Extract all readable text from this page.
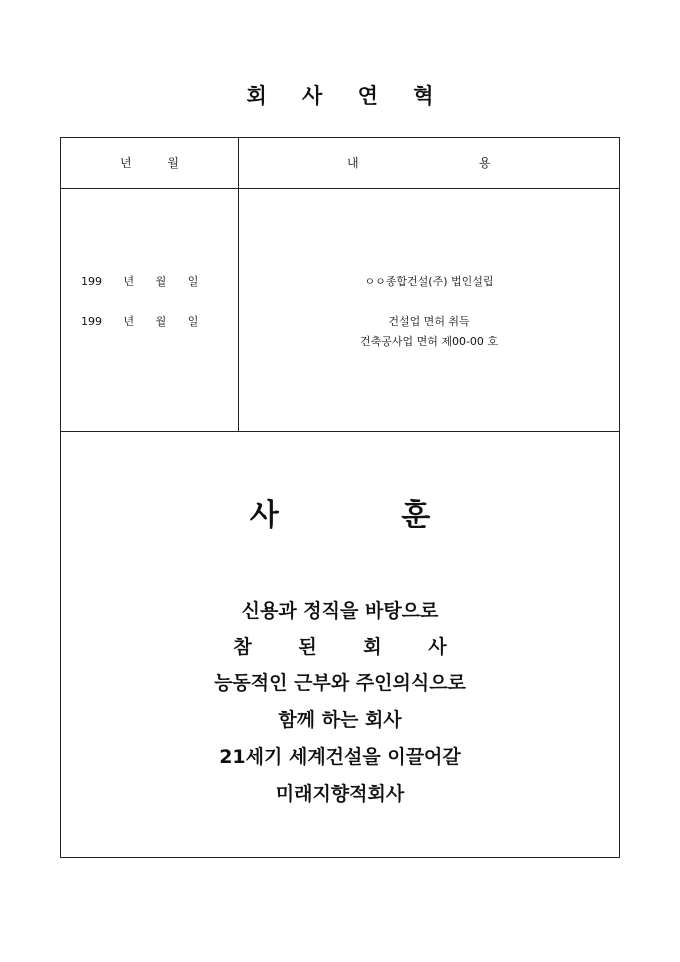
회 사 연 혁
년 월	내	용
199 년 월 일	ㅇㅇ종합건설(주) 법인설립
199 년 월 일	건설업 면허 취득
건축공사업 면허 제00-00 호
사 훈
신용과 정직을 바탕으로
참 된 회 사
능동적인 근부와 주인의식으로
함께 하는 회사
21세기 세계건설을 이끌어갈
미래지향적회사
